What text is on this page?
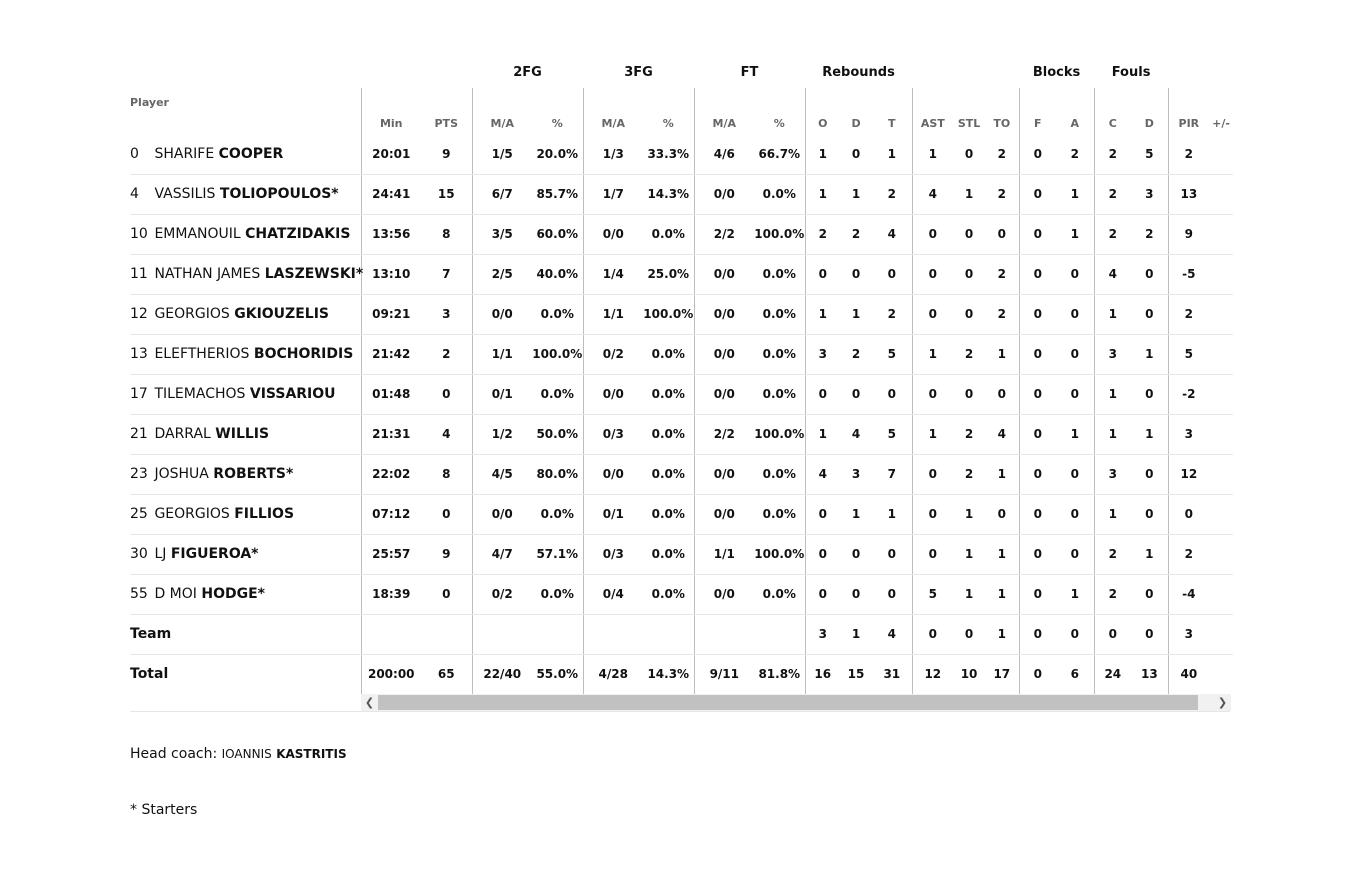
			2FG		3FG		FT		Rebounds						Blocks		Fouls			
Player	Min	PTS	M/A	%	M/A	%	M/A	%	O	D	T	AST	STL	TO	F	A	C	D	PIR	+/-
0 SHARIFE COOPER	20:01	9	1/5	20.0%	1/3	33.3%	4/6	66.7%	1	0	1	1	0	2	0	2	2	5	2	
4 VASSILIS TOLIOPOULOS*	24:41	15	6/7	85.7%	1/7	14.3%	0/0	0.0%	1	1	2	4	1	2	0	1	2	3	13	
10 EMMANOUIL CHATZIDAKIS	13:56	8	3/5	60.0%	0/0	0.0%	2/2	100.0%	2	2	4	0	0	0	0	1	2	2	9	
11 NATHAN JAMES LASZEWSKI*	13:10	7	2/5	40.0%	1/4	25.0%	0/0	0.0%	0	0	0	0	0	2	0	0	4	0	-5	
12 GEORGIOS GKIOUZELIS	09:21	3	0/0	0.0%	1/1	100.0%	0/0	0.0%	1	1	2	0	0	2	0	0	1	0	2	
13 ELEFTHERIOS BOCHORIDIS	21:42	2	1/1	100.0%	0/2	0.0%	0/0	0.0%	3	2	5	1	2	1	0	0	3	1	5	
17 TILEMACHOS VISSARIOU	01:48	0	0/1	0.0%	0/0	0.0%	0/0	0.0%	0	0	0	0	0	0	0	0	1	0	-2	
21 DARRAL WILLIS	21:31	4	1/2	50.0%	0/3	0.0%	2/2	100.0%	1	4	5	1	2	4	0	1	1	1	3	
23 JOSHUA ROBERTS*	22:02	8	4/5	80.0%	0/0	0.0%	0/0	0.0%	4	3	7	0	2	1	0	0	3	0	12	
25 GEORGIOS FILLIOS	07:12	0	0/0	0.0%	0/1	0.0%	0/0	0.0%	0	1	1	0	1	0	0	0	1	0	0	
30 LJ FIGUEROA*	25:57	9	4/7	57.1%	0/3	0.0%	1/1	100.0%	0	0	0	0	1	1	0	0	2	1	2	
55 D MOI HODGE*	18:39	0	0/2	0.0%	0/4	0.0%	0/0	0.0%	0	0	0	5	1	1	0	1	2	0	-4	
Team									3	1	4	0	0	1	0	0	0	0	3	
Total	200:00	65	22/40	55.0%	4/28	14.3%	9/11	81.8%	16	15	31	12	10	17	0	6	24	13	40	
❮	❯
Head coach: IOANNIS KASTRITIS
* Starters
